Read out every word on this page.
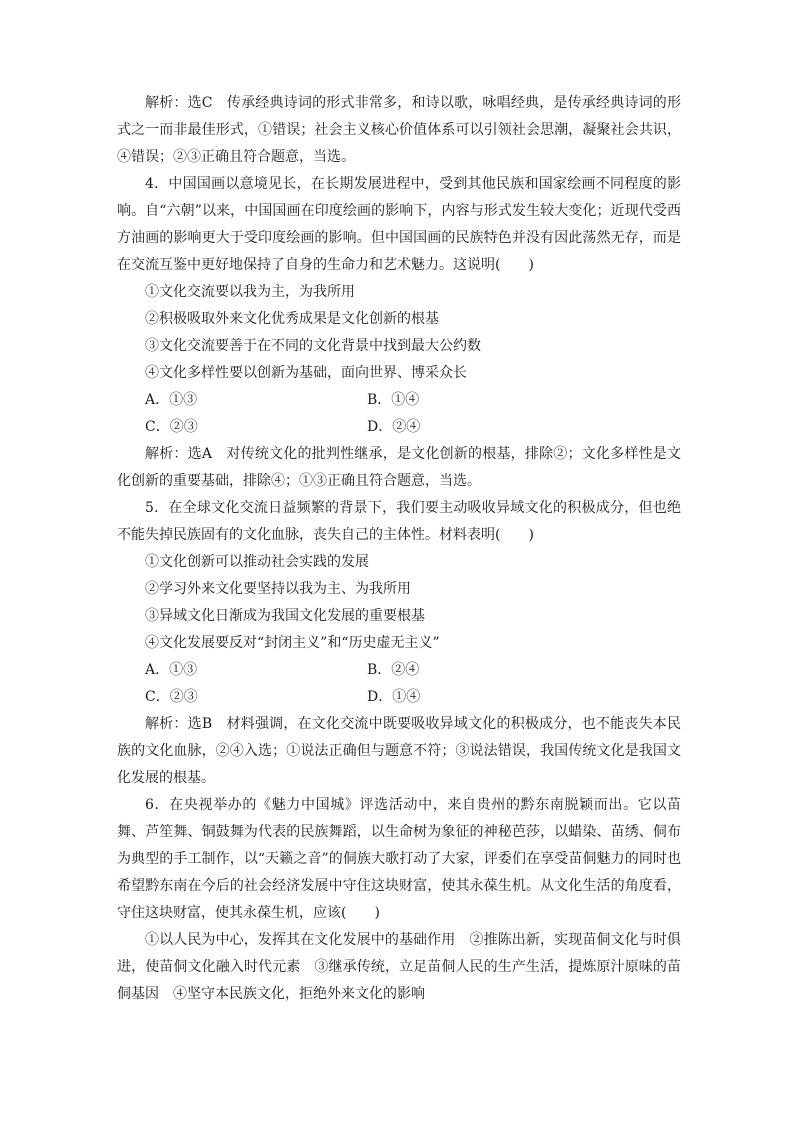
解析：选C　传承经典诗词的形式非常多，和诗以歌，咏唱经典，是传承经典诗词的形式之一而非最佳形式，①错误；社会主义核心价值体系可以引领社会思潮，凝聚社会共识，④错误；②③正确且符合题意，当选。

4．中国国画以意境见长，在长期发展进程中，受到其他民族和国家绘画不同程度的影响。自“六朝”以来，中国国画在印度绘画的影响下，内容与形式发生较大变化；近现代受西方油画的影响更大于受印度绘画的影响。但中国国画的民族特色并没有因此荡然无存，而是在交流互鉴中更好地保持了自身的生命力和艺术魅力。这说明(　　)

①文化交流要以我为主，为我所用

②积极吸取外来文化优秀成果是文化创新的根基

③文化交流要善于在不同的文化背景中找到最大公约数

④文化多样性要以创新为基础，面向世界、博采众长

A．①③	B．①④
C．②③	D．②④

解析：选A　对传统文化的批判性继承，是文化创新的根基，排除②；文化多样性是文化创新的重要基础，排除④；①③正确且符合题意，当选。

5．在全球文化交流日益频繁的背景下，我们要主动吸收异域文化的积极成分，但也绝不能失掉民族固有的文化血脉，丧失自己的主体性。材料表明(　　)

①文化创新可以推动社会实践的发展

②学习外来文化要坚持以我为主、为我所用

③异域文化日渐成为我国文化发展的重要根基

④文化发展要反对“封闭主义”和“历史虚无主义”

A．①③	B．②④
C．②③	D．①④

解析：选B　材料强调，在文化交流中既要吸收异域文化的积极成分，也不能丧失本民族的文化血脉，②④入选；①说法正确但与题意不符；③说法错误，我国传统文化是我国文化发展的根基。

6．在央视举办的《魅力中国城》评选活动中，来自贵州的黔东南脱颖而出。它以苗舞、芦笙舞、铜鼓舞为代表的民族舞蹈，以生命树为象征的神秘芭莎，以蜡染、苗绣、侗布为典型的手工制作，以“天籁之音”的侗族大歌打动了大家，评委们在享受苗侗魅力的同时也希望黔东南在今后的社会经济发展中守住这块财富，使其永葆生机。从文化生活的角度看，守住这块财富，使其永葆生机，应该(　　)

①以人民为中心，发挥其在文化发展中的基础作用　②推陈出新，实现苗侗文化与时俱进，使苗侗文化融入时代元素　③继承传统，立足苗侗人民的生产生活，提炼原汁原味的苗侗基因　④坚守本民族文化，拒绝外来文化的影响
